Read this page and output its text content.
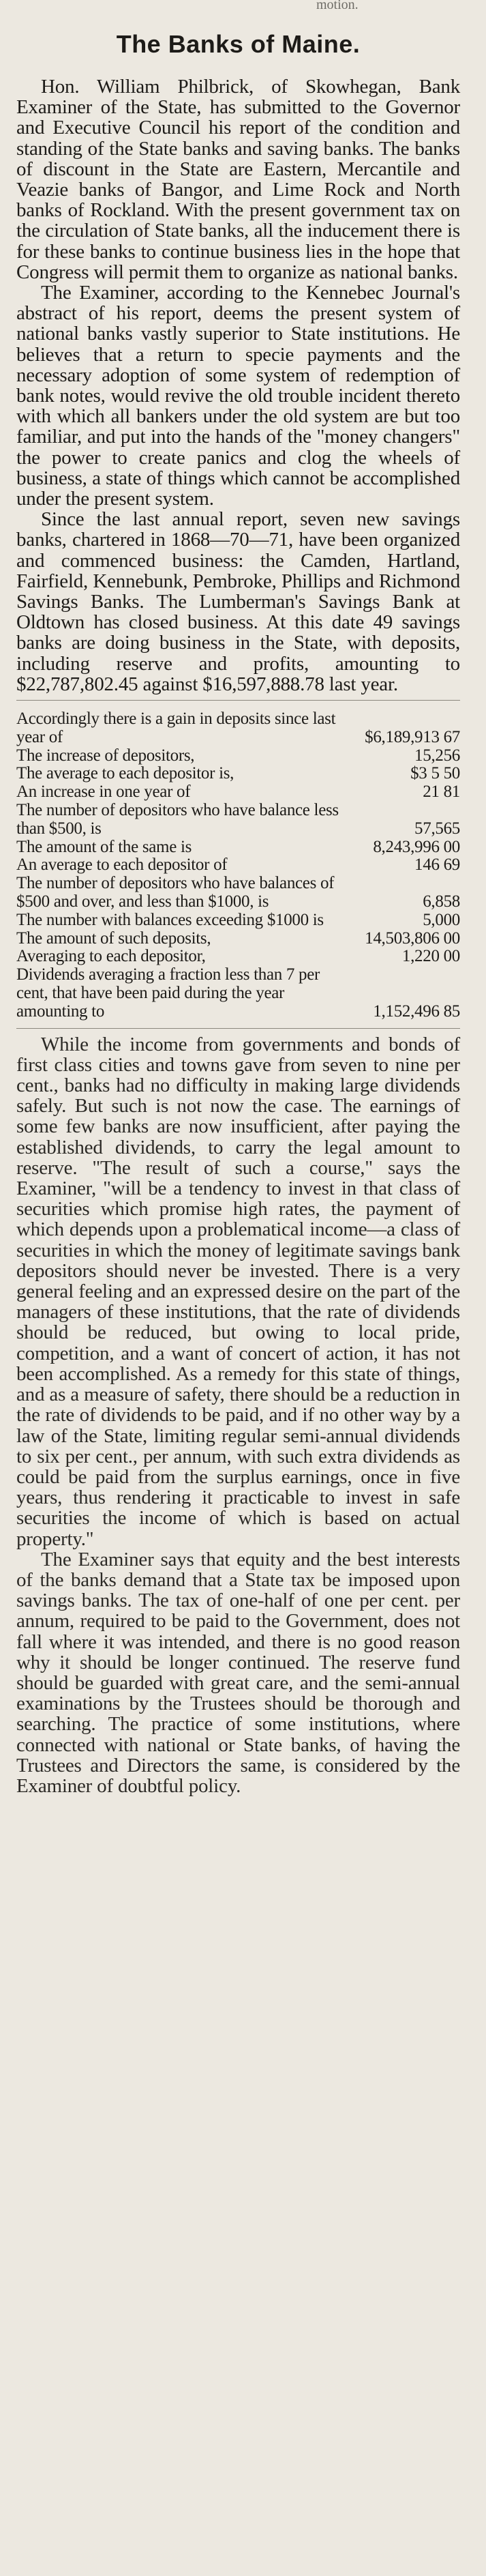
motion.
The Banks of Maine.

Hon. William Philbrick, of Skowhegan, Bank Examiner of the State, has submitted to the Governor and Executive Council his report of the condition and standing of the State banks and saving banks. The banks of discount in the State are Eastern, Mercantile and Veazie banks of Bangor, and Lime Rock and North banks of Rockland. With the present government tax on the circulation of State banks, all the inducement there is for these banks to continue business lies in the hope that Congress will permit them to organize as national banks.

The Examiner, according to the Kennebec Journal's abstract of his report, deems the present system of national banks vastly superior to State institutions. He believes that a return to specie payments and the necessary adoption of some system of redemption of bank notes, would revive the old trouble incident thereto with which all bankers under the old system are but too familiar, and put into the hands of the "money changers" the power to create panics and clog the wheels of business, a state of things which cannot be accomplished under the present system.

Since the last annual report, seven new savings banks, chartered in 1868—70—71, have been organized and commenced business: the Camden, Hartland, Fairfield, Kennebunk, Pembroke, Phillips and Richmond Savings Banks. The Lumberman's Savings Bank at Oldtown has closed business. At this date 49 savings banks are doing business in the State, with deposits, including reserve and profits, amounting to $22,787,802.45 against $16,597,888.78 last year.

Accordingly there is a gain in deposits since last year of	$6,189,913 67
The increase of depositors,	15,256
The average to each depositor is,	$3 5 50
An increase in one year of	21 81
The number of depositors who have balance less than $500, is	57,565
The amount of the same is	8,243,996 00
An average to each depositor of	146 69
The number of depositors who have balances of $500 and over, and less than $1000, is	6,858
The number with balances exceeding $1000 is	5,000
The amount of such deposits,	14,503,806 00
Averaging to each depositor,	1,220 00
Dividends averaging a fraction less than 7 per cent, that have been paid during the year amounting to	1,152,496 85

While the income from governments and bonds of first class cities and towns gave from seven to nine per cent., banks had no difficulty in making large dividends safely. But such is not now the case. The earnings of some few banks are now insufficient, after paying the established dividends, to carry the legal amount to reserve. "The result of such a course," says the Examiner, "will be a tendency to invest in that class of securities which promise high rates, the payment of which depends upon a problematical income—a class of securities in which the money of legitimate savings bank depositors should never be invested. There is a very general feeling and an expressed desire on the part of the managers of these institutions, that the rate of dividends should be reduced, but owing to local pride, competition, and a want of concert of action, it has not been accomplished. As a remedy for this state of things, and as a measure of safety, there should be a reduction in the rate of dividends to be paid, and if no other way by a law of the State, limiting regular semi-annual dividends to six per cent., per annum, with such extra dividends as could be paid from the surplus earnings, once in five years, thus rendering it practicable to invest in safe securities the income of which is based on actual property."

The Examiner says that equity and the best interests of the banks demand that a State tax be imposed upon savings banks. The tax of one-half of one per cent. per annum, required to be paid to the Government, does not fall where it was intended, and there is no good reason why it should be longer continued. The reserve fund should be guarded with great care, and the semi-annual examinations by the Trustees should be thorough and searching. The practice of some institutions, where connected with national or State banks, of having the Trustees and Directors the same, is considered by the Examiner of doubtful policy.
